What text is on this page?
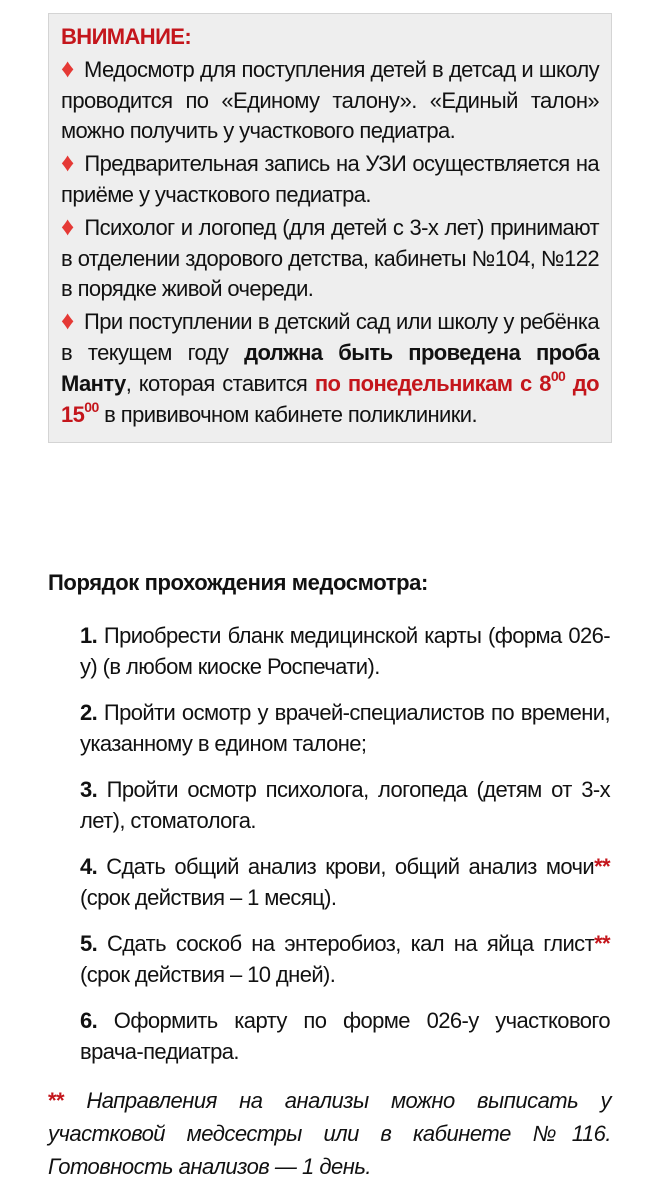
ВНИМАНИЕ:

♦ Медосмотр для поступления детей в детсад и школу проводится по «Единому талону». «Единый талон» можно получить у участкового педиатра.

♦ Предварительная запись на УЗИ осуществляется на приёме у участкового педиатра.

♦ Психолог и логопед (для детей с 3-х лет) принимают в отделении здорового детства, кабинеты №104, №122 в порядке живой очереди.

♦ При поступлении в детский сад или школу у ребёнка в текущем году должна быть проведена проба Манту, которая ставится по понедельникам с $8^{00}$ до $15^{00}$ в прививочном кабинете поликлиники.

Порядок прохождения медосмотра:

1. Приобрести бланк медицинской карты (форма 026-у) (в любом киоске Роспечати).

2. Пройти осмотр у врачей-специалистов по времени, указанному в едином талоне;

3. Пройти осмотр психолога, логопеда (детям от 3-х лет), стоматолога.

4. Сдать общий анализ крови, общий анализ мочи** (срок действия – 1 месяц).

5. Сдать соскоб на энтеробиоз, кал на яйца глист** (срок действия – 10 дней).

6. Оформить карту по форме 026-у участкового врача-педиатра.

** Направления на анализы можно выписать у участковой медсестры или в кабинете №116. Готовность анализов — 1 день.
